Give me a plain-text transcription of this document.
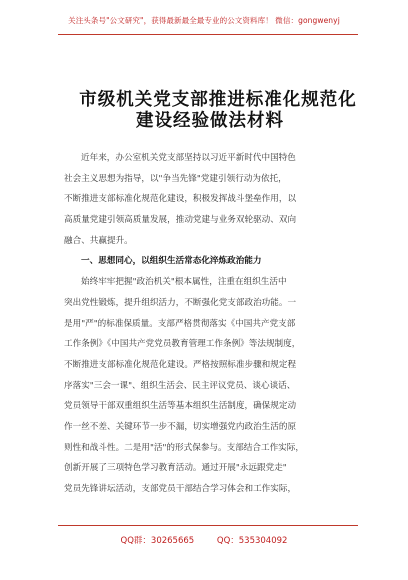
关注头条号"公文研究"，获得最新最全最专业的公文资料库！ 微信：gongwenyj
市级机关党支部推进标准化规范化
建设经验做法材料
近年来，办公室机关党支部坚持以习近平新时代中国特色
社会主义思想为指导，以"争当先锋"党建引领行动为依托，
不断推进支部标准化规范化建设，积极发挥战斗堡垒作用，以
高质量党建引领高质量发展，推动党建与业务双轮驱动、双向
融合、共赢提升。
一、思想同心，以组织生活常态化淬炼政治能力
始终牢牢把握"政治机关"根本属性，注重在组织生活中
突出党性锻炼，提升组织活力，不断强化党支部政治功能。一
是用"严"的标准保质量。支部严格贯彻落实《中国共产党支部
工作条例》《中国共产党党员教育管理工作条例》等法规制度，
不断推进支部标准化规范化建设。严格按照标准步骤和规定程
序落实"三会一课"、组织生活会、民主评议党员、谈心谈话、
党员领导干部双重组织生活等基本组织生活制度，确保规定动
作一丝不差、关键环节一步不漏，切实增强党内政治生活的原
则性和战斗性。二是用"活"的形式保参与。支部结合工作实际，
创新开展了三项特色学习教育活动。通过开展"永远跟党走"
党员先锋讲坛活动，支部党员干部结合学习体会和工作实际，
QQ群：30265665	QQ：535304092
